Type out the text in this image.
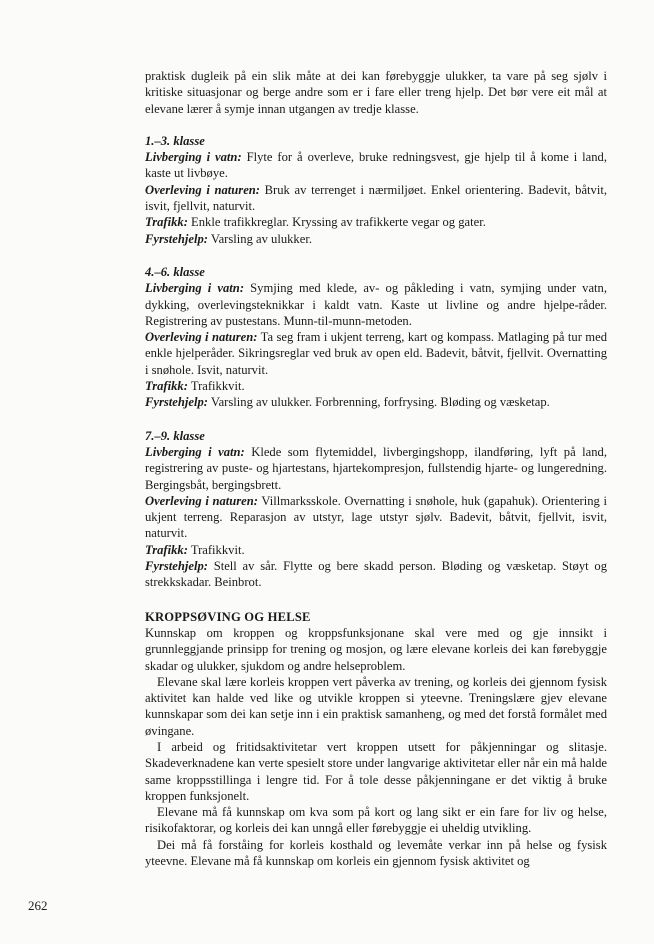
praktisk dugleik på ein slik måte at dei kan førebyggje ulukker, ta vare på seg sjølv i kritiske situasjonar og berge andre som er i fare eller treng hjelp. Det bør vere eit mål at elevane lærer å symje innan utgangen av tredje klasse.

1.–3. klasse

Livberging i vatn: Flyte for å overleve, bruke redningsvest, gje hjelp til å kome i land, kaste ut livbøye.

Overleving i naturen: Bruk av terrenget i nærmiljøet. Enkel orientering. Badevit, båtvit, isvit, fjellvit, naturvit.

Trafikk: Enkle trafikkreglar. Kryssing av trafikkerte vegar og gater.

Fyrstehjelp: Varsling av ulukker.

4.–6. klasse

Livberging i vatn: Symjing med klede, av- og påkleding i vatn, symjing under vatn, dykking, overlevingsteknikkar i kaldt vatn. Kaste ut livline og andre hjelpe-råder. Registrering av pustestans. Munn-til-munn-metoden.

Overleving i naturen: Ta seg fram i ukjent terreng, kart og kompass. Matlaging på tur med enkle hjelperåder. Sikringsreglar ved bruk av open eld. Badevit, båtvit, fjellvit. Overnatting i snøhole. Isvit, naturvit.

Trafikk: Trafikkvit.

Fyrstehjelp: Varsling av ulukker. Forbrenning, forfrysing. Bløding og væsketap.

7.–9. klasse

Livberging i vatn: Klede som flytemiddel, livbergingshopp, ilandføring, lyft på land, registrering av puste- og hjartestans, hjartekompresjon, fullstendig hjarte- og lungeredning. Bergingsbåt, bergingsbrett.

Overleving i naturen: Villmarksskole. Overnatting i snøhole, huk (gapahuk). Orientering i ukjent terreng. Reparasjon av utstyr, lage utstyr sjølv. Badevit, båtvit, fjellvit, isvit, naturvit.

Trafikk: Trafikkvit.

Fyrstehjelp: Stell av sår. Flytte og bere skadd person. Bløding og væsketap. Støyt og strekkskadar. Beinbrot.

KROPPSØVING OG HELSE

Kunnskap om kroppen og kroppsfunksjonane skal vere med og gje innsikt i grunnleggjande prinsipp for trening og mosjon, og lære elevane korleis dei kan førebyggje skadar og ulukker, sjukdom og andre helseproblem.

Elevane skal lære korleis kroppen vert påverka av trening, og korleis dei gjennom fysisk aktivitet kan halde ved like og utvikle kroppen si yteevne. Treningslære gjev elevane kunnskapar som dei kan setje inn i ein praktisk samanheng, og med det forstå formålet med øvingane.

I arbeid og fritidsaktivitetar vert kroppen utsett for påkjenningar og slitasje. Skadeverknadene kan verte spesielt store under langvarige aktivitetar eller når ein må halde same kroppsstillinga i lengre tid. For å tole desse påkjenningane er det viktig å bruke kroppen funksjonelt.

Elevane må få kunnskap om kva som på kort og lang sikt er ein fare for liv og helse, risikofaktorar, og korleis dei kan unngå eller førebyggje ei uheldig utvikling.

Dei må få forståing for korleis kosthald og levemåte verkar inn på helse og fysisk yteevne. Elevane må få kunnskap om korleis ein gjennom fysisk aktivitet og

262
